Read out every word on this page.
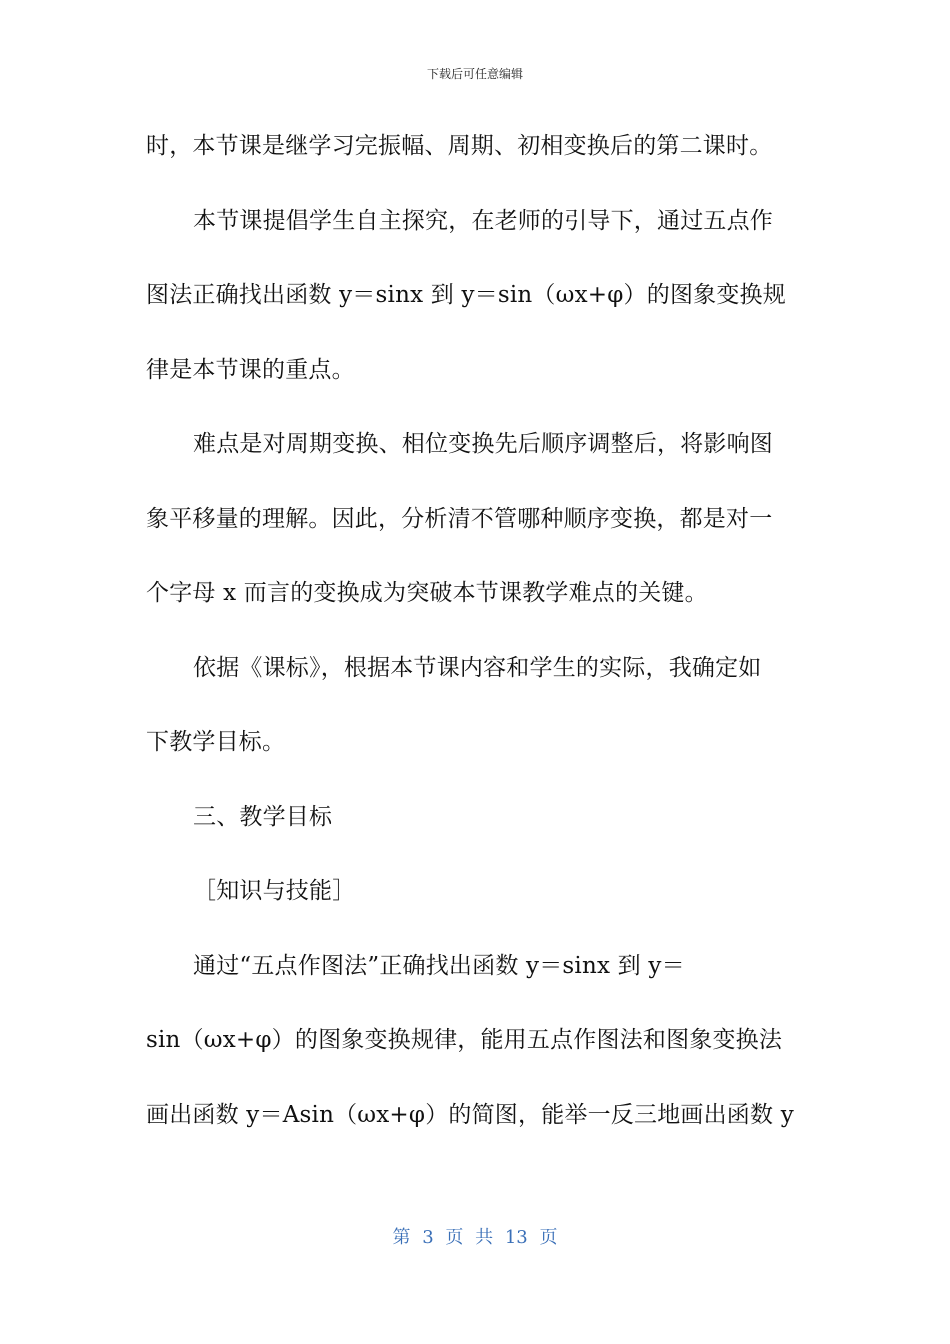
下载后可任意编辑
时，本节课是继学习完振幅、周期、初相变换后的第二课时。
本节课提倡学生自主探究，在老师的引导下，通过五点作
图法正确找出函数 y＝sinx 到 y＝sin（ωx+φ）的图象变换规
律是本节课的重点。
难点是对周期变换、相位变换先后顺序调整后，将影响图
象平移量的理解。因此，分析清不管哪种顺序变换，都是对一
个字母 x 而言的变换成为突破本节课教学难点的关键。
依据《课标》，根据本节课内容和学生的实际，我确定如
下教学目标。
三、教学目标
［知识与技能］
通过“五点作图法”正确找出函数 y＝sinx 到 y＝
sin（ωx+φ）的图象变换规律，能用五点作图法和图象变换法
画出函数 y＝Asin（ωx+φ）的简图，能举一反三地画出函数 y
第 3 页 共 13 页
